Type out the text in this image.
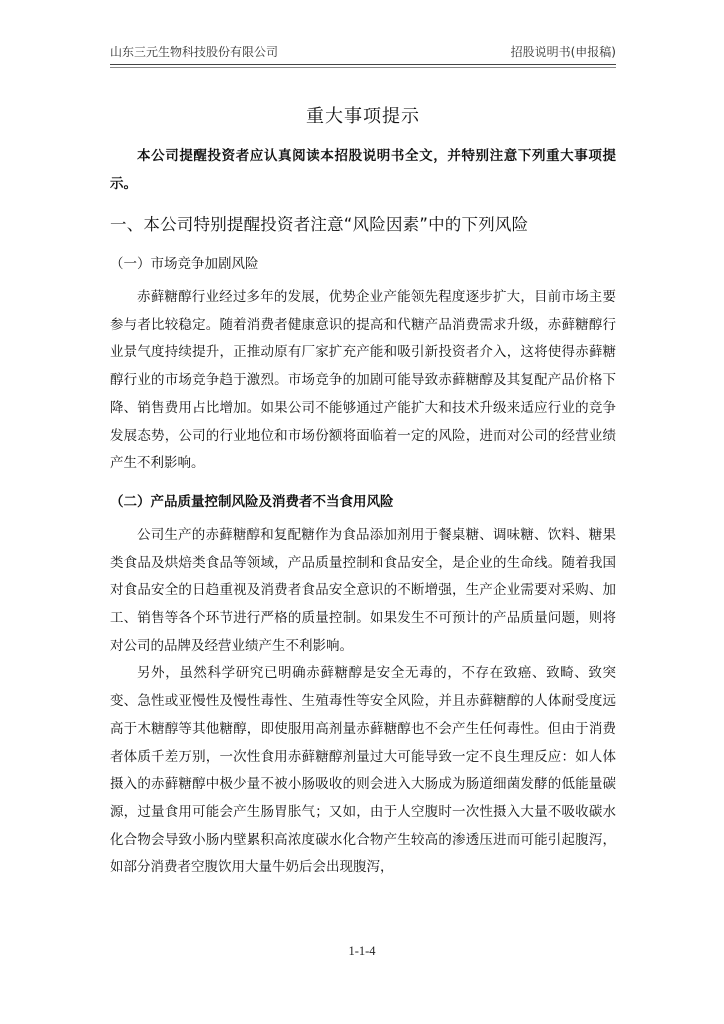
山东三元生物科技股份有限公司	招股说明书(申报稿)
重大事项提示

本公司提醒投资者应认真阅读本招股说明书全文，并特别注意下列重大事项提示。

一、本公司特别提醒投资者注意“风险因素”中的下列风险
（一）市场竞争加剧风险

赤藓糖醇行业经过多年的发展，优势企业产能领先程度逐步扩大，目前市场主要参与者比较稳定。随着消费者健康意识的提高和代糖产品消费需求升级，赤藓糖醇行业景气度持续提升，正推动原有厂家扩充产能和吸引新投资者介入，这将使得赤藓糖醇行业的市场竞争趋于激烈。市场竞争的加剧可能导致赤藓糖醇及其复配产品价格下降、销售费用占比增加。如果公司不能够通过产能扩大和技术升级来适应行业的竞争发展态势，公司的行业地位和市场份额将面临着一定的风险，进而对公司的经营业绩产生不利影响。

（二）产品质量控制风险及消费者不当食用风险

公司生产的赤藓糖醇和复配糖作为食品添加剂用于餐桌糖、调味糖、饮料、糖果类食品及烘焙类食品等领域，产品质量控制和食品安全，是企业的生命线。随着我国对食品安全的日趋重视及消费者食品安全意识的不断增强，生产企业需要对采购、加工、销售等各个环节进行严格的质量控制。如果发生不可预计的产品质量问题，则将对公司的品牌及经营业绩产生不利影响。

另外，虽然科学研究已明确赤藓糖醇是安全无毒的，不存在致癌、致畸、致突变、急性或亚慢性及慢性毒性、生殖毒性等安全风险，并且赤藓糖醇的人体耐受度远高于木糖醇等其他糖醇，即使服用高剂量赤藓糖醇也不会产生任何毒性。但由于消费者体质千差万别，一次性食用赤藓糖醇剂量过大可能导致一定不良生理反应：如人体摄入的赤藓糖醇中极少量不被小肠吸收的则会进入大肠成为肠道细菌发酵的低能量碳源，过量食用可能会产生肠胃胀气；又如，由于人空腹时一次性摄入大量不吸收碳水化合物会导致小肠内壁累积高浓度碳水化合物产生较高的渗透压进而可能引起腹泻，如部分消费者空腹饮用大量牛奶后会出现腹泻，

1-1-4
